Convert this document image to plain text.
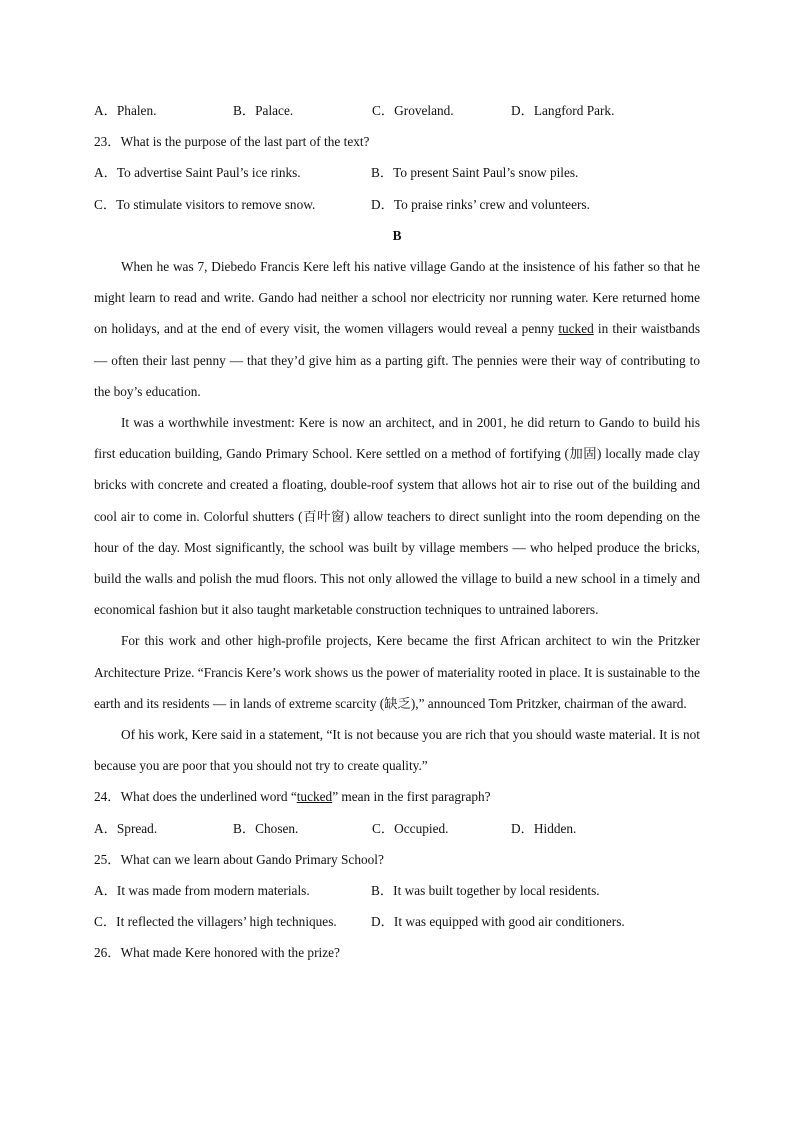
A．Phalen.	B．Palace.	C．Groveland.	D．Langford Park.
23．What is the purpose of the last part of the text?
A．To advertise Saint Paul’s ice rinks.	B．To present Saint Paul’s snow piles.
C．To stimulate visitors to remove snow.	D．To praise rinks’ crew and volunteers.
B

When he was 7, Diebedo Francis Kere left his native village Gando at the insistence of his father so that he might learn to read and write. Gando had neither a school nor electricity nor running water. Kere returned home on holidays, and at the end of every visit, the women villagers would reveal a penny tucked in their waistbands — often their last penny — that they’d give him as a parting gift. The pennies were their way of contributing to the boy’s education.

It was a worthwhile investment: Kere is now an architect, and in 2001, he did return to Gando to build his first education building, Gando Primary School. Kere settled on a method of fortifying (加固) locally made clay bricks with concrete and created a floating, double-roof system that allows hot air to rise out of the building and cool air to come in. Colorful shutters (百叶窗) allow teachers to direct sunlight into the room depending on the hour of the day. Most significantly, the school was built by village members — who helped produce the bricks, build the walls and polish the mud floors. This not only allowed the village to build a new school in a timely and economical fashion but it also taught marketable construction techniques to untrained laborers.

For this work and other high-profile projects, Kere became the first African architect to win the Pritzker Architecture Prize. “Francis Kere’s work shows us the power of materiality rooted in place. It is sustainable to the earth and its residents — in lands of extreme scarcity (缺乏),” announced Tom Pritzker, chairman of the award.

Of his work, Kere said in a statement, “It is not because you are rich that you should waste material. It is not because you are poor that you should not try to create quality.”

24．What does the underlined word “tucked” mean in the first paragraph?
A．Spread.	B．Chosen.	C．Occupied.	D．Hidden.
25．What can we learn about Gando Primary School?
A．It was made from modern materials.	B．It was built together by local residents.
C．It reflected the villagers’ high techniques.	D．It was equipped with good air conditioners.
26．What made Kere honored with the prize?
